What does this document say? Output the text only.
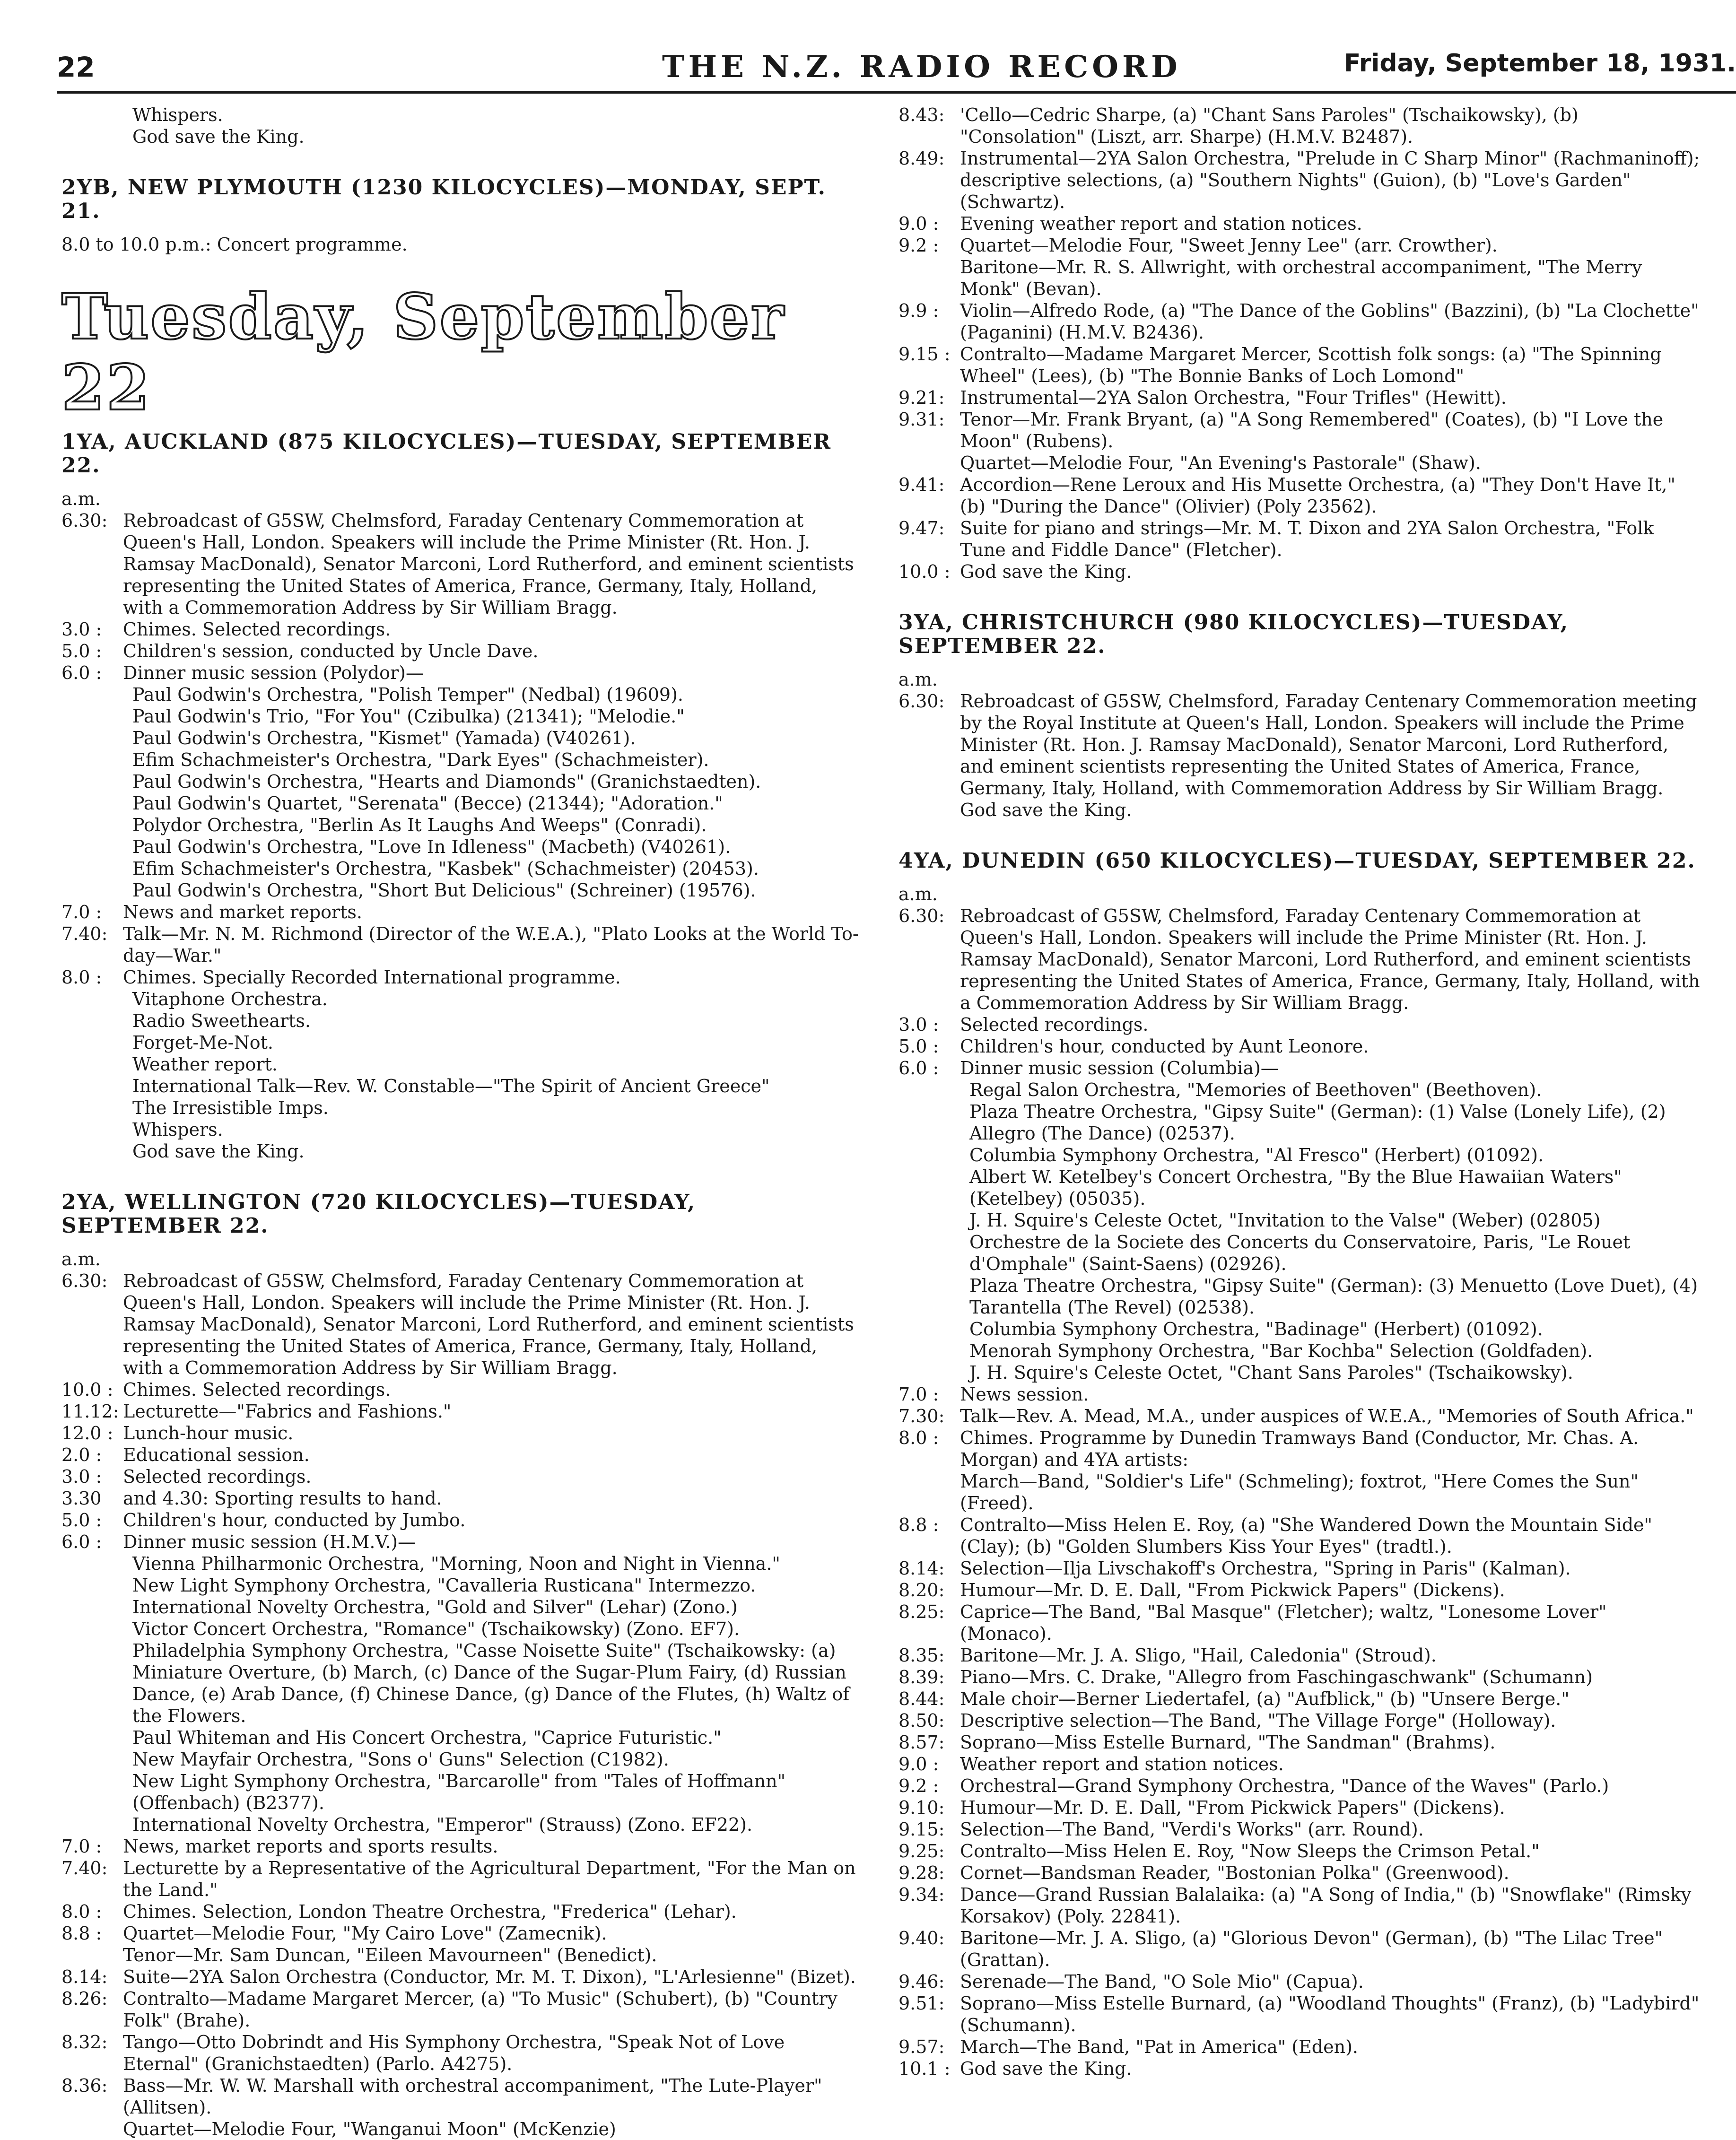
22	THE N.Z. RADIO RECORD	Friday, September 18, 1931.
Whispers.
God save the King.
2YB, NEW PLYMOUTH (1230 KILOCYCLES)—MONDAY, SEPT. 21.
8.0 to 10.0 p.m.: Concert programme.
Tuesday, September 22
1YA, AUCKLAND (875 KILOCYCLES)—TUESDAY, SEPTEMBER 22.
a.m.
6.30: Rebroadcast of G5SW, Chelmsford, Faraday Centenary Commemoration at Queen's Hall, London. Speakers will include the Prime Minister (Rt. Hon. J. Ramsay MacDonald), Senator Marconi, Lord Rutherford, and eminent scientists representing the United States of America, France, Germany, Italy, Holland, with a Commemoration Address by Sir William Bragg.
3.0 :	Chimes. Selected recordings.
5.0 :	Children's session, conducted by Uncle Dave.
6.0 :	Dinner music session (Polydor)—
Paul Godwin's Orchestra, "Polish Temper" (Nedbal) (19609).
Paul Godwin's Trio, "For You" (Czibulka) (21341); "Melodie."
Paul Godwin's Orchestra, "Kismet" (Yamada) (V40261).
Efim Schachmeister's Orchestra, "Dark Eyes" (Schachmeister).
Paul Godwin's Orchestra, "Hearts and Diamonds" (Granichstaedten).
Paul Godwin's Quartet, "Serenata" (Becce) (21344); "Adoration."
Polydor Orchestra, "Berlin As It Laughs And Weeps" (Conradi).
Paul Godwin's Orchestra, "Love In Idleness" (Macbeth) (V40261).
Efim Schachmeister's Orchestra, "Kasbek" (Schachmeister) (20453).
Paul Godwin's Orchestra, "Short But Delicious" (Schreiner) (19576).
7.0 :	News and market reports.
7.40: Talk—Mr. N. M. Richmond (Director of the W.E.A.), "Plato Looks at the World To-day—War."
8.0 :	Chimes. Specially Recorded International programme.
Vitaphone Orchestra.
Radio Sweethearts.
Forget-Me-Not.
Weather report.
International Talk—Rev. W. Constable—"The Spirit of Ancient Greece"
The Irresistible Imps.
Whispers.
God save the King.
2YA, WELLINGTON (720 KILOCYCLES)—TUESDAY, SEPTEMBER 22.
a.m.
6.30: Rebroadcast of G5SW, Chelmsford, Faraday Centenary Commemoration at Queen's Hall, London. Speakers will include the Prime Minister (Rt. Hon. J. Ramsay MacDonald), Senator Marconi, Lord Rutherford, and eminent scientists representing the United States of America, France, Germany, Italy, Holland, with a Commemoration Address by Sir William Bragg.
10.0 : Chimes. Selected recordings.
11.12: Lecturette—"Fabrics and Fashions."
12.0 : Lunch-hour music.
2.0 :	Educational session.
3.0 :	Selected recordings.
3.30	and 4.30: Sporting results to hand.
5.0 :	Children's hour, conducted by Jumbo.
6.0 :	Dinner music session (H.M.V.)—
Vienna Philharmonic Orchestra, "Morning, Noon and Night in Vienna."
New Light Symphony Orchestra, "Cavalleria Rusticana" Intermezzo.
International Novelty Orchestra, "Gold and Silver" (Lehar) (Zono.)
Victor Concert Orchestra, "Romance" (Tschaikowsky) (Zono. EF7).
Philadelphia Symphony Orchestra, "Casse Noisette Suite" (Tschaikowsky: (a) Miniature Overture, (b) March, (c) Dance of the Sugar-Plum Fairy, (d) Russian Dance, (e) Arab Dance, (f) Chinese Dance, (g) Dance of the Flutes, (h) Waltz of the Flowers.
Paul Whiteman and His Concert Orchestra, "Caprice Futuristic."
New Mayfair Orchestra, "Sons o' Guns" Selection (C1982).
New Light Symphony Orchestra, "Barcarolle" from "Tales of Hoffmann" (Offenbach) (B2377).
International Novelty Orchestra, "Emperor" (Strauss) (Zono. EF22).
7.0 :	News, market reports and sports results.
7.40: Lecturette by a Representative of the Agricultural Department, "For the Man on the Land."
8.0 :	Chimes. Selection, London Theatre Orchestra, "Frederica" (Lehar).
8.8 :	Quartet—Melodie Four, "My Cairo Love" (Zamecnik).
Tenor—Mr. Sam Duncan, "Eileen Mavourneen" (Benedict).
8.14: Suite—2YA Salon Orchestra (Conductor, Mr. M. T. Dixon), "L'Arlesienne" (Bizet).
8.26: Contralto—Madame Margaret Mercer, (a) "To Music" (Schubert), (b) "Country Folk" (Brahe).
8.32: Tango—Otto Dobrindt and His Symphony Orchestra, "Speak Not of Love Eternal" (Granichstaedten) (Parlo. A4275).
8.36: Bass—Mr. W. W. Marshall with orchestral accompaniment, "The Lute-Player" (Allitsen).
Quartet—Melodie Four, "Wanganui Moon" (McKenzie)
8.43: 'Cello—Cedric Sharpe, (a) "Chant Sans Paroles" (Tschaikowsky), (b) "Consolation" (Liszt, arr. Sharpe) (H.M.V. B2487).
8.49: Instrumental—2YA Salon Orchestra, "Prelude in C Sharp Minor" (Rachmaninoff); descriptive selections, (a) "Southern Nights" (Guion), (b) "Love's Garden" (Schwartz).
9.0 :	Evening weather report and station notices.
9.2 :	Quartet—Melodie Four, "Sweet Jenny Lee" (arr. Crowther).
Baritone—Mr. R. S. Allwright, with orchestral accompaniment, "The Merry Monk" (Bevan).
9.9 :	Violin—Alfredo Rode, (a) "The Dance of the Goblins" (Bazzini), (b) "La Clochette" (Paganini) (H.M.V. B2436).
9.15 : Contralto—Madame Margaret Mercer, Scottish folk songs: (a) "The Spinning Wheel" (Lees), (b) "The Bonnie Banks of Loch Lomond"
9.21: Instrumental—2YA Salon Orchestra, "Four Trifles" (Hewitt).
9.31: Tenor—Mr. Frank Bryant, (a) "A Song Remembered" (Coates), (b) "I Love the Moon" (Rubens).
Quartet—Melodie Four, "An Evening's Pastorale" (Shaw).
9.41: Accordion—Rene Leroux and His Musette Orchestra, (a) "They Don't Have It," (b) "During the Dance" (Olivier) (Poly 23562).
9.47: Suite for piano and strings—Mr. M. T. Dixon and 2YA Salon Orchestra, "Folk Tune and Fiddle Dance" (Fletcher).
10.0 : God save the King.
3YA, CHRISTCHURCH (980 KILOCYCLES)—TUESDAY, SEPTEMBER 22.
a.m.
6.30: Rebroadcast of G5SW, Chelmsford, Faraday Centenary Commemoration meeting by the Royal Institute at Queen's Hall, London. Speakers will include the Prime Minister (Rt. Hon. J. Ramsay MacDonald), Senator Marconi, Lord Rutherford, and eminent scientists representing the United States of America, France, Germany, Italy, Holland, with Commemoration Address by Sir William Bragg.
God save the King.
4YA, DUNEDIN (650 KILOCYCLES)—TUESDAY, SEPTEMBER 22.
a.m.
6.30: Rebroadcast of G5SW, Chelmsford, Faraday Centenary Commemoration at Queen's Hall, London. Speakers will include the Prime Minister (Rt. Hon. J. Ramsay MacDonald), Senator Marconi, Lord Rutherford, and eminent scientists representing the United States of America, France, Germany, Italy, Holland, with a Commemoration Address by Sir William Bragg.
3.0 :	Selected recordings.
5.0 :	Children's hour, conducted by Aunt Leonore.
6.0 :	Dinner music session (Columbia)—
Regal Salon Orchestra, "Memories of Beethoven" (Beethoven).
Plaza Theatre Orchestra, "Gipsy Suite" (German): (1) Valse (Lonely Life), (2) Allegro (The Dance) (02537).
Columbia Symphony Orchestra, "Al Fresco" (Herbert) (01092).
Albert W. Ketelbey's Concert Orchestra, "By the Blue Hawaiian Waters" (Ketelbey) (05035).
J. H. Squire's Celeste Octet, "Invitation to the Valse" (Weber) (02805)
Orchestre de la Societe des Concerts du Conservatoire, Paris, "Le Rouet d'Omphale" (Saint-Saens) (02926).
Plaza Theatre Orchestra, "Gipsy Suite" (German): (3) Menuetto (Love Duet), (4) Tarantella (The Revel) (02538).
Columbia Symphony Orchestra, "Badinage" (Herbert) (01092).
Menorah Symphony Orchestra, "Bar Kochba" Selection (Goldfaden).
J. H. Squire's Celeste Octet, "Chant Sans Paroles" (Tschaikowsky).
7.0 :	News session.
7.30: Talk—Rev. A. Mead, M.A., under auspices of W.E.A., "Memories of South Africa."
8.0 :	Chimes. Programme by Dunedin Tramways Band (Conductor, Mr. Chas. A. Morgan) and 4YA artists:
March—Band, "Soldier's Life" (Schmeling); foxtrot, "Here Comes the Sun" (Freed).
8.8 :	Contralto—Miss Helen E. Roy, (a) "She Wandered Down the Mountain Side" (Clay); (b) "Golden Slumbers Kiss Your Eyes" (tradtl.).
8.14: Selection—Ilja Livschakoff's Orchestra, "Spring in Paris" (Kalman).
8.20: Humour—Mr. D. E. Dall, "From Pickwick Papers" (Dickens).
8.25: Caprice—The Band, "Bal Masque" (Fletcher); waltz, "Lonesome Lover" (Monaco).
8.35: Baritone—Mr. J. A. Sligo, "Hail, Caledonia" (Stroud).
8.39: Piano—Mrs. C. Drake, "Allegro from Faschingaschwank" (Schumann)
8.44: Male choir—Berner Liedertafel, (a) "Aufblick," (b) "Unsere Berge."
8.50: Descriptive selection—The Band, "The Village Forge" (Holloway).
8.57: Soprano—Miss Estelle Burnard, "The Sandman" (Brahms).
9.0 :	Weather report and station notices.
9.2 :	Orchestral—Grand Symphony Orchestra, "Dance of the Waves" (Parlo.)
9.10: Humour—Mr. D. E. Dall, "From Pickwick Papers" (Dickens).
9.15: Selection—The Band, "Verdi's Works" (arr. Round).
9.25: Contralto—Miss Helen E. Roy, "Now Sleeps the Crimson Petal."
9.28: Cornet—Bandsman Reader, "Bostonian Polka" (Greenwood).
9.34: Dance—Grand Russian Balalaika: (a) "A Song of India," (b) "Snowflake" (Rimsky Korsakov) (Poly. 22841).
9.40: Baritone—Mr. J. A. Sligo, (a) "Glorious Devon" (German), (b) "The Lilac Tree" (Grattan).
9.46: Serenade—The Band, "O Sole Mio" (Capua).
9.51: Soprano—Miss Estelle Burnard, (a) "Woodland Thoughts" (Franz), (b) "Ladybird" (Schumann).
9.57: March—The Band, "Pat in America" (Eden).
10.1 : God save the King.
